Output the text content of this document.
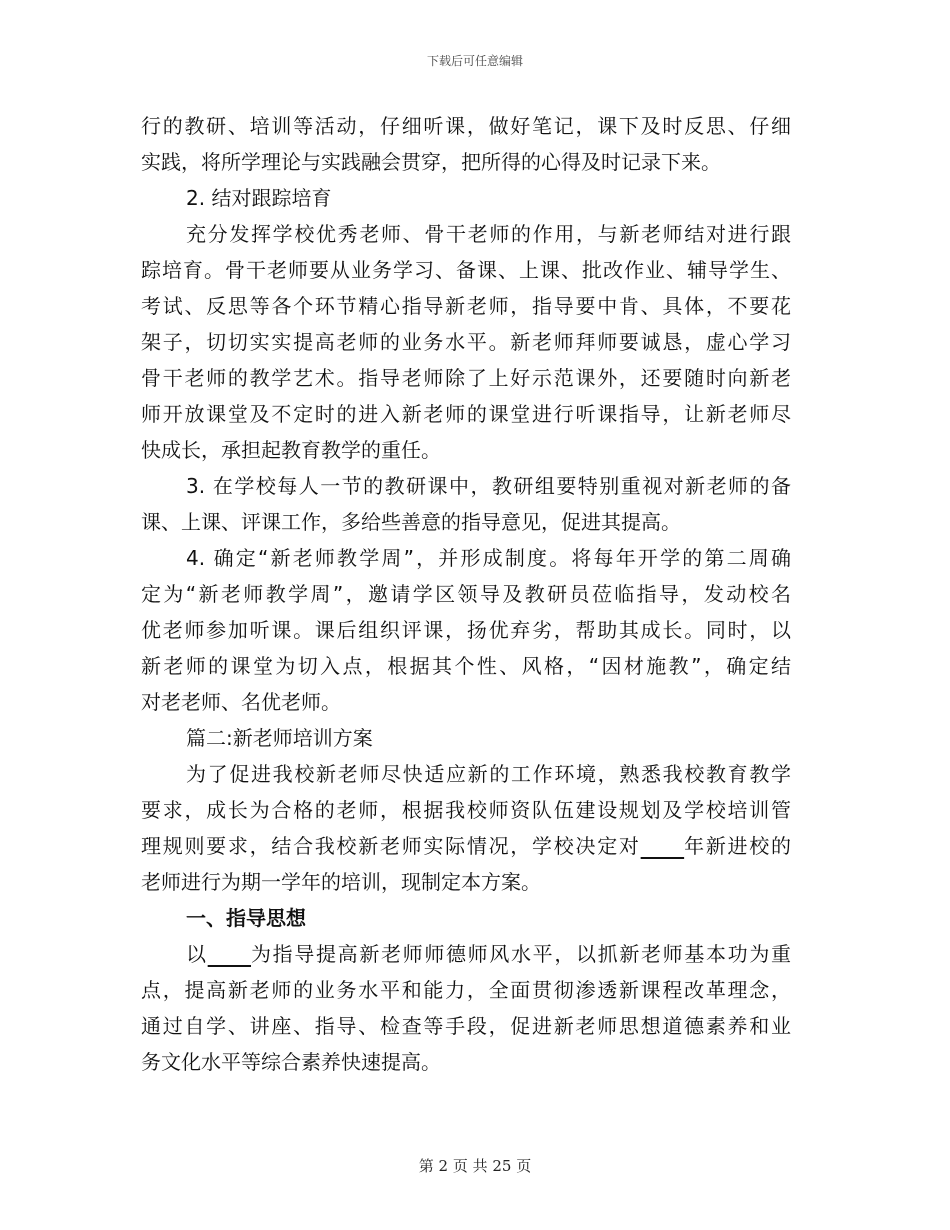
下载后可任意编辑
行的教研、培训等活动，仔细听课，做好笔记，课下及时反思、仔细
实践，将所学理论与实践融会贯穿，把所得的心得及时记录下来。
2. 结对跟踪培育
充分发挥学校优秀老师、骨干老师的作用，与新老师结对进行跟
踪培育。骨干老师要从业务学习、备课、上课、批改作业、辅导学生、
考试、反思等各个环节精心指导新老师，指导要中肯、具体，不要花
架子，切切实实提高老师的业务水平。新老师拜师要诚恳，虚心学习
骨干老师的教学艺术。指导老师除了上好示范课外，还要随时向新老
师开放课堂及不定时的进入新老师的课堂进行听课指导，让新老师尽
快成长，承担起教育教学的重任。
3. 在学校每人一节的教研课中，教研组要特别重视对新老师的备
课、上课、评课工作，多给些善意的指导意见，促进其提高。
4. 确定“新老师教学周”，并形成制度。将每年开学的第二周确
定为“新老师教学周”，邀请学区领导及教研员莅临指导，发动校名
优老师参加听课。课后组织评课，扬优弃劣，帮助其成长。同时，以
新老师的课堂为切入点，根据其个性、风格，“因材施教”，确定结
对老老师、名优老师。
篇二:新老师培训方案
为了促进我校新老师尽快适应新的工作环境，熟悉我校教育教学
要求，成长为合格的老师，根据我校师资队伍建设规划及学校培训管
理规则要求，结合我校新老师实际情况，学校决定对　　 年新进校的
老师进行为期一学年的培训，现制定本方案。
一、指导思想
以　　 为指导提高新老师师德师风水平，以抓新老师基本功为重
点，提高新老师的业务水平和能力，全面贯彻渗透新课程改革理念，
通过自学、讲座、指导、检查等手段，促进新老师思想道德素养和业
务文化水平等综合素养快速提高。
第 2 页 共 25 页
